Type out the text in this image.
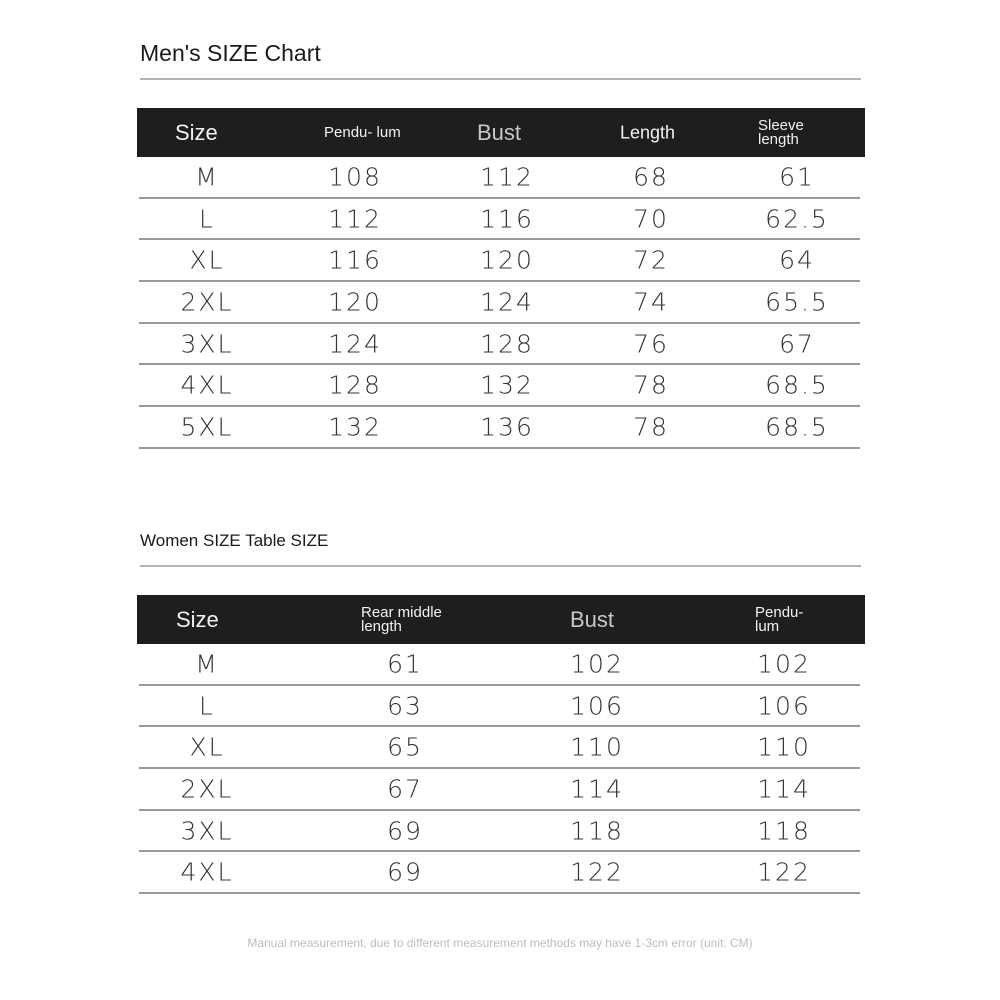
Men's SIZE Chart
Size	Pendu- lum	Bust	Length	Sleeve length
M	108	112	68	61
L	112	116	70	62.5
XL	116	120	72	64
2XL	120	124	74	65.5
3XL	124	128	76	67
4XL	128	132	78	68.5
5XL	132	136	78	68.5
Women SIZE Table SIZE
Size	Rear middle length	Bust	Pendu- lum
M	61	102	102
L	63	106	106
XL	65	110	110
2XL	67	114	114
3XL	69	118	118
4XL	69	122	122
Manual measurement, due to different measurement methods may have 1-3cm error (unit: CM)
